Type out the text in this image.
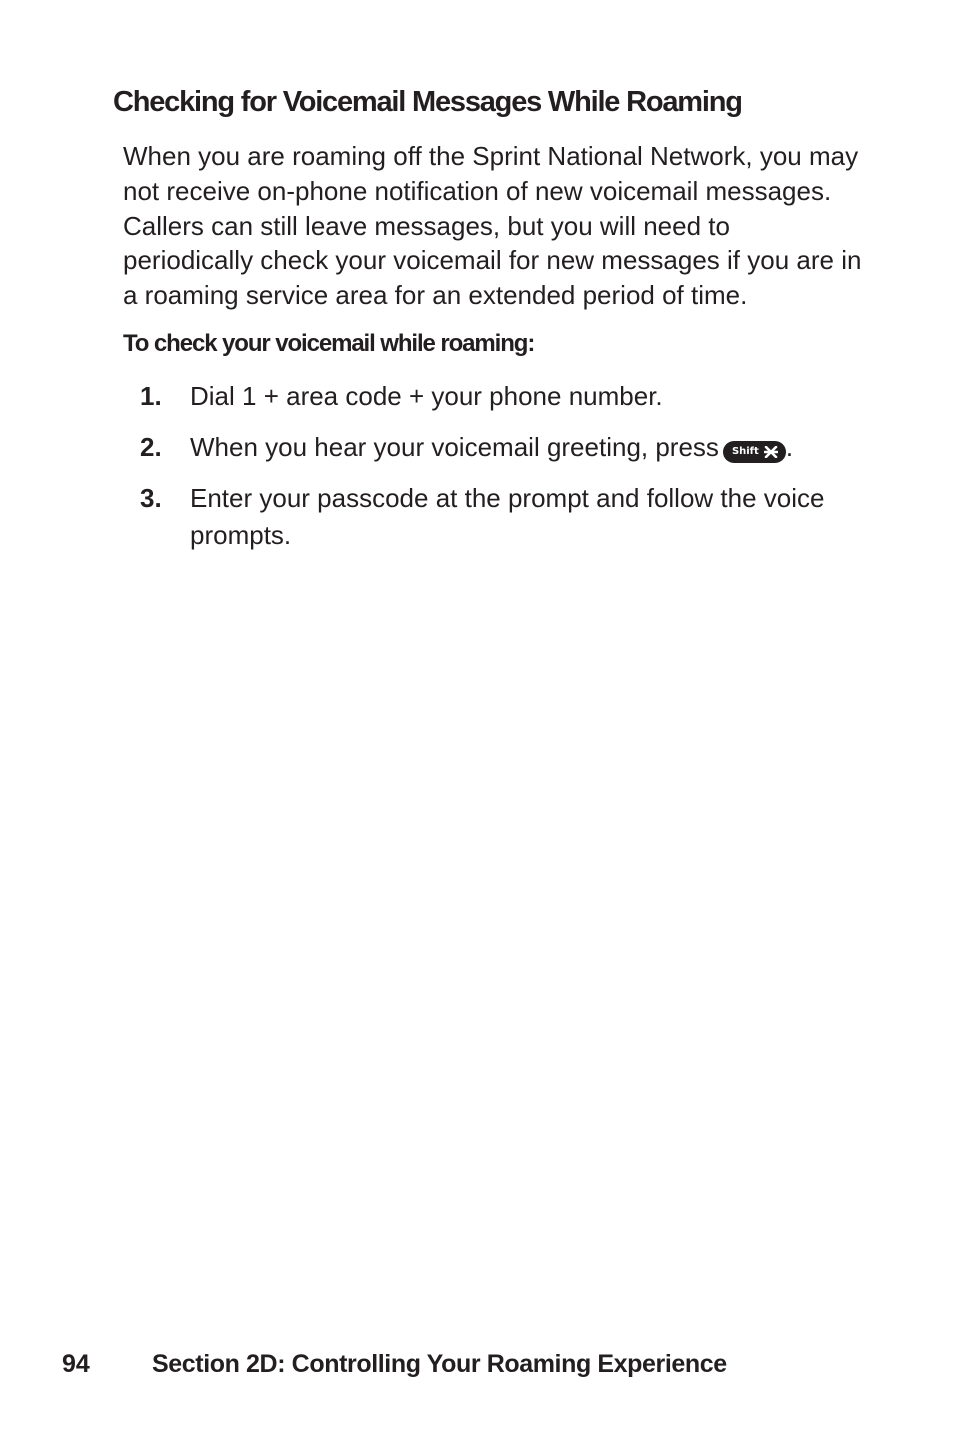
Checking for Voicemail Messages While Roaming

When you are roaming off the Sprint National Network, you may not receive on-phone notification of new voicemail messages. Callers can still leave messages, but you will need to periodically check your voicemail for new messages if you are in a roaming service area for an extended period of time.

To check your voicemail while roaming:
1. Dial 1 + area code + your phone number.
2. When you hear your voicemail greeting, press Shift .
3. Enter your passcode at the prompt and follow the voice prompts.
94 Section 2D: Controlling Your Roaming Experience
